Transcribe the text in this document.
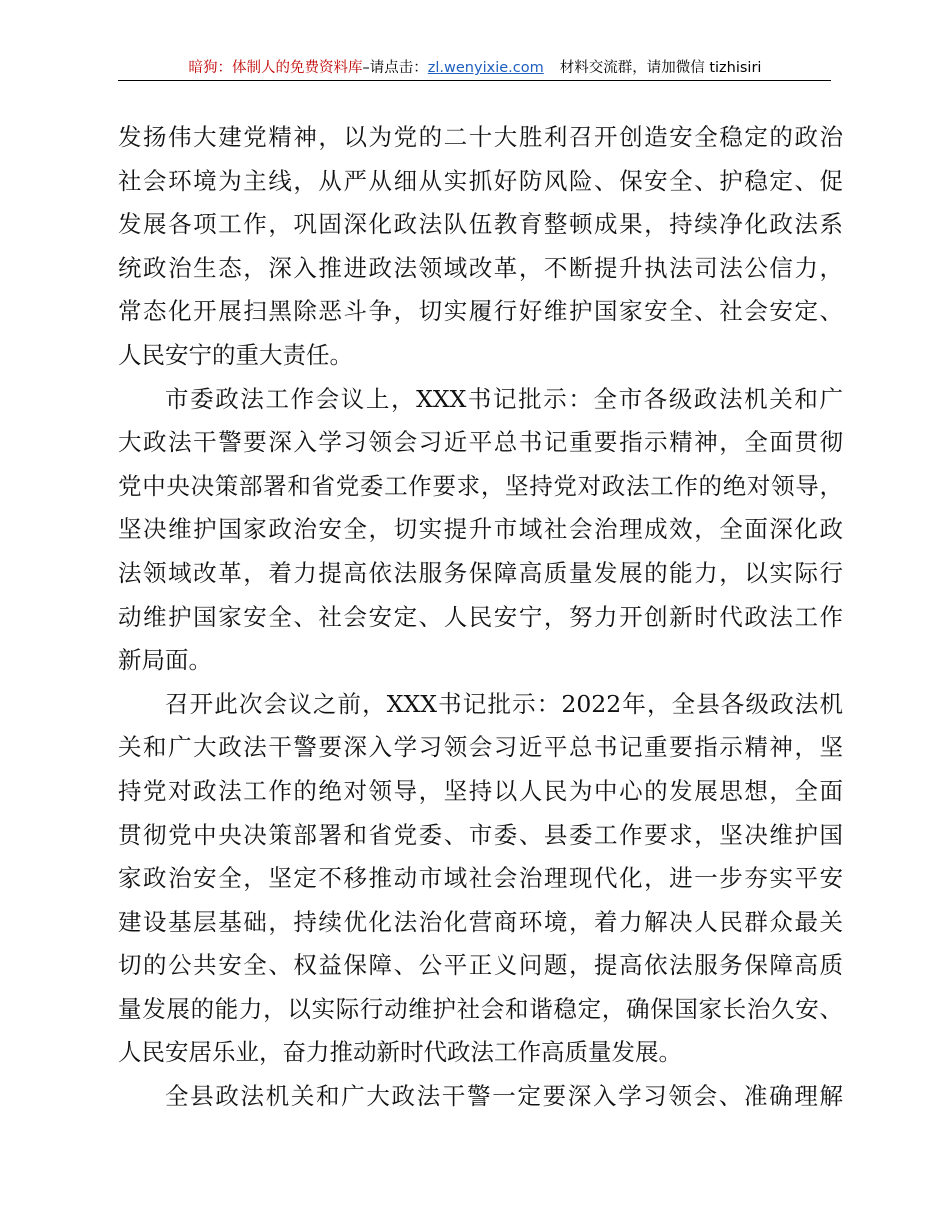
暗狗：体制人的免费资料库–请点击：zl.wenyixie.com 材料交流群，请加微信 tizhisiri
发扬伟大建党精神，以为党的二十大胜利召开创造安全稳定的政治
社会环境为主线，从严从细从实抓好防风险、保安全、护稳定、促
发展各项工作，巩固深化政法队伍教育整顿成果，持续净化政法系
统政治生态，深入推进政法领域改革，不断提升执法司法公信力，
常态化开展扫黑除恶斗争，切实履行好维护国家安全、社会安定、
人民安宁的重大责任。
市委政法工作会议上，XXX书记批示：全市各级政法机关和广
大政法干警要深入学习领会习近平总书记重要指示精神，全面贯彻
党中央决策部署和省党委工作要求，坚持党对政法工作的绝对领导，
坚决维护国家政治安全，切实提升市域社会治理成效，全面深化政
法领域改革，着力提高依法服务保障高质量发展的能力，以实际行
动维护国家安全、社会安定、人民安宁，努力开创新时代政法工作
新局面。
召开此次会议之前，XXX书记批示：2022年，全县各级政法机
关和广大政法干警要深入学习领会习近平总书记重要指示精神，坚
持党对政法工作的绝对领导，坚持以人民为中心的发展思想，全面
贯彻党中央决策部署和省党委、市委、县委工作要求，坚决维护国
家政治安全，坚定不移推动市域社会治理现代化，进一步夯实平安
建设基层基础，持续优化法治化营商环境，着力解决人民群众最关
切的公共安全、权益保障、公平正义问题，提高依法服务保障高质
量发展的能力，以实际行动维护社会和谐稳定，确保国家长治久安、
人民安居乐业，奋力推动新时代政法工作高质量发展。
全县政法机关和广大政法干警一定要深入学习领会、准确理解
